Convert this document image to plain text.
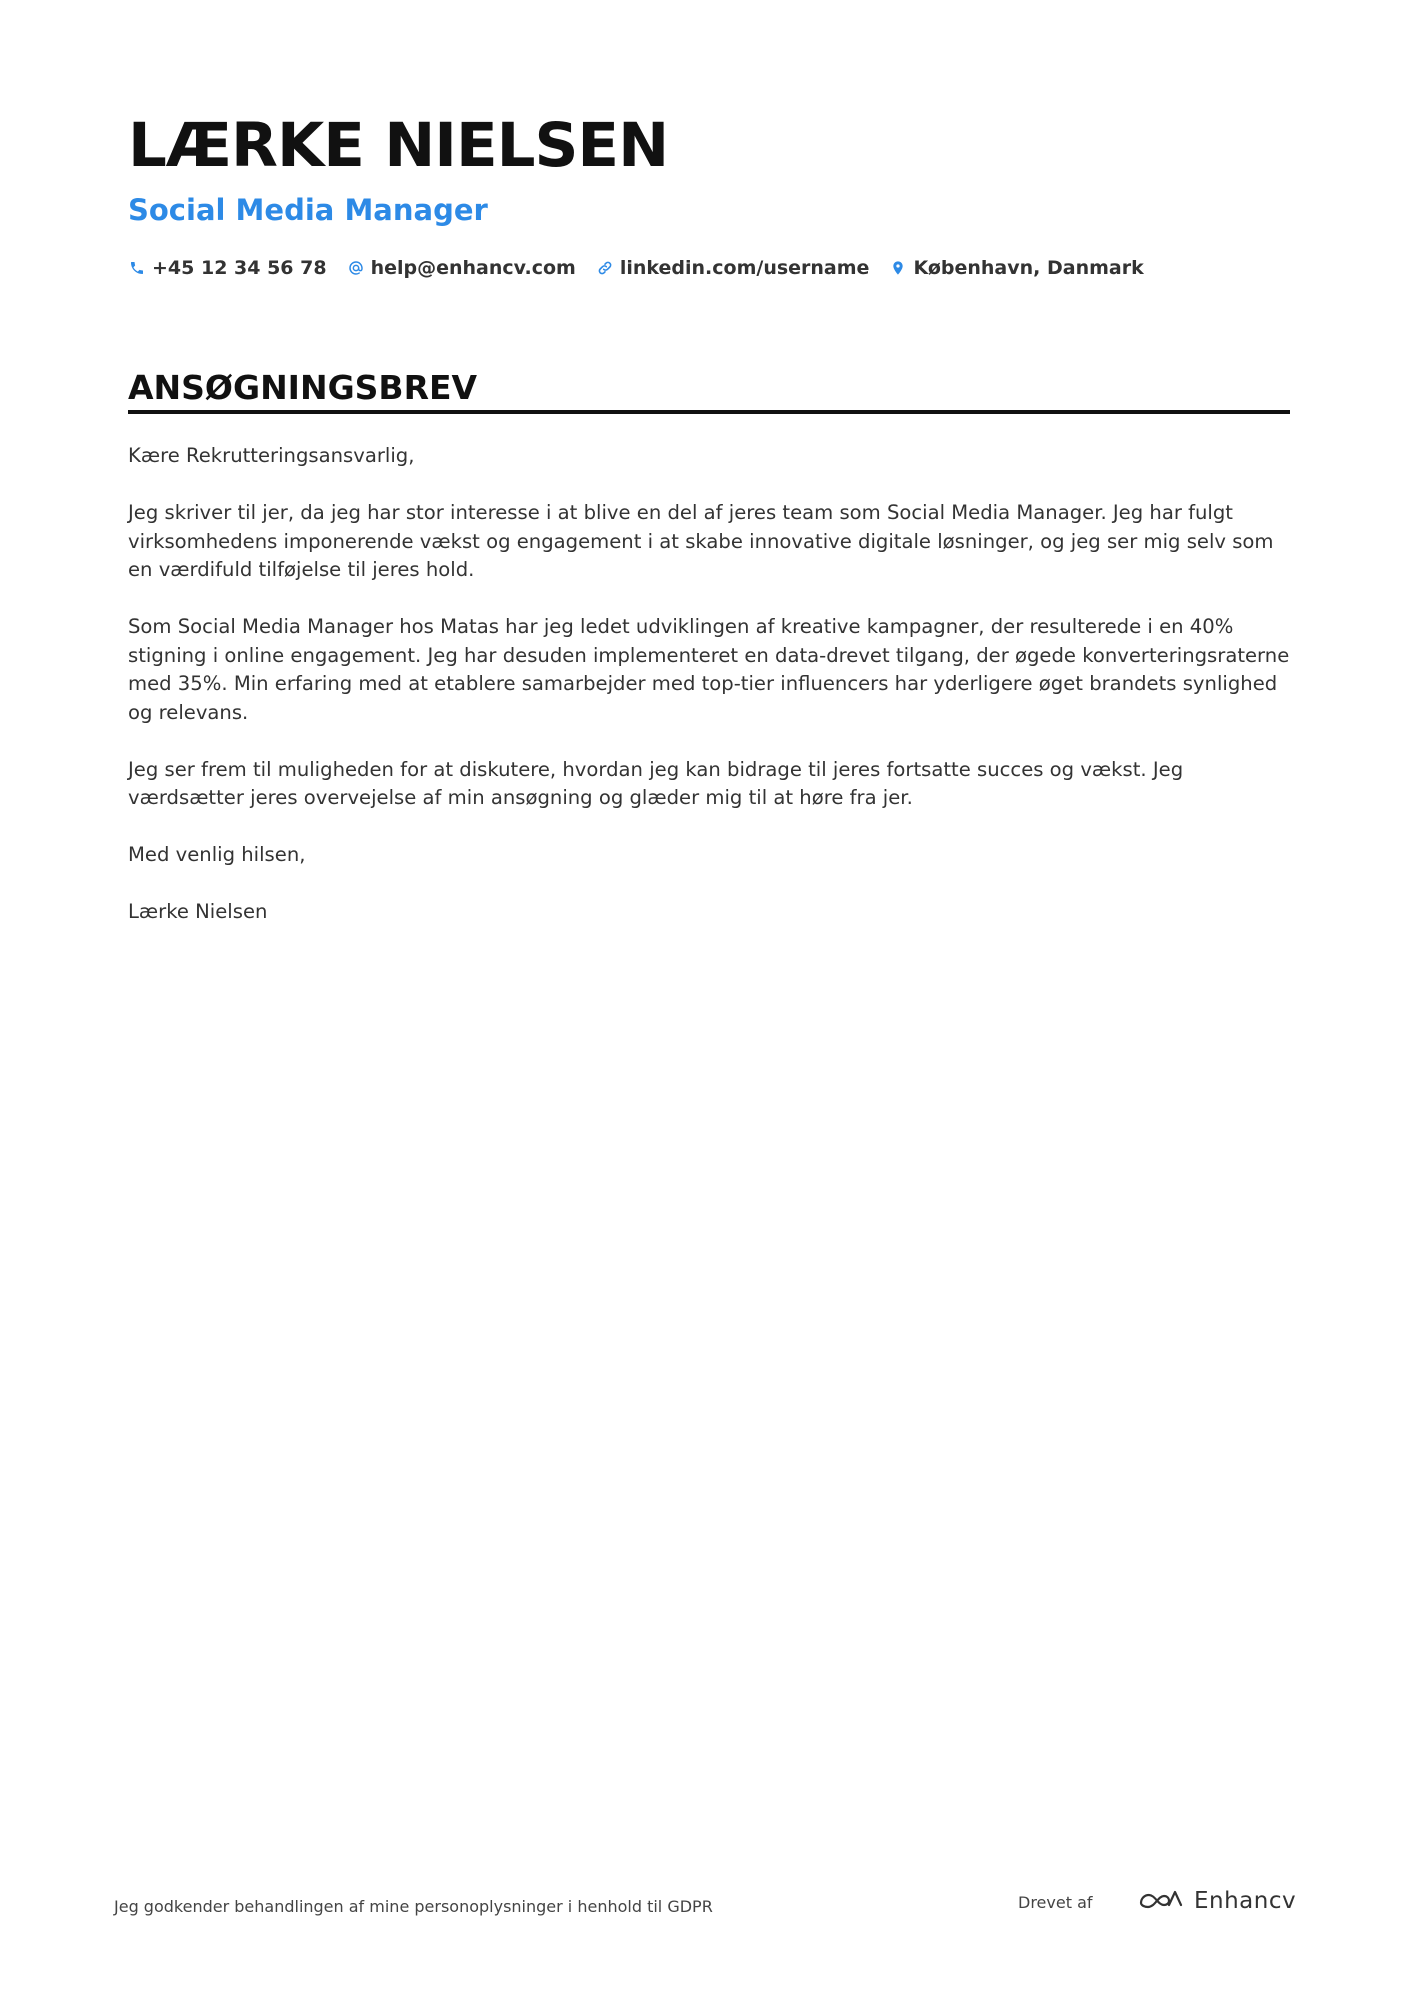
LÆRKE NIELSEN
Social Media Manager
+45 12 34 56 78 help@enhancv.com linkedin.com/username København, Danmark
ANSØGNINGSBREV

Kære Rekrutteringsansvarlig,

Jeg skriver til jer, da jeg har stor interesse i at blive en del af jeres team som Social Media Manager. Jeg har fulgt virksomhedens imponerende vækst og engagement i at skabe innovative digitale løsninger, og jeg ser mig selv som en værdifuld tilføjelse til jeres hold.

Som Social Media Manager hos Matas har jeg ledet udviklingen af kreative kampagner, der resulterede i en 40% stigning i online engagement. Jeg har desuden implementeret en data-drevet tilgang, der øgede konverteringsraterne med 35%. Min erfaring med at etablere samarbejder med top-tier influencers har yderligere øget brandets synlighed og relevans.

Jeg ser frem til muligheden for at diskutere, hvordan jeg kan bidrage til jeres fortsatte succes og vækst. Jeg værdsætter jeres overvejelse af min ansøgning og glæder mig til at høre fra jer.

Med venlig hilsen,

Lærke Nielsen

Jeg godkender behandlingen af mine personoplysninger i henhold til GDPR	Drevet af	Enhancv
